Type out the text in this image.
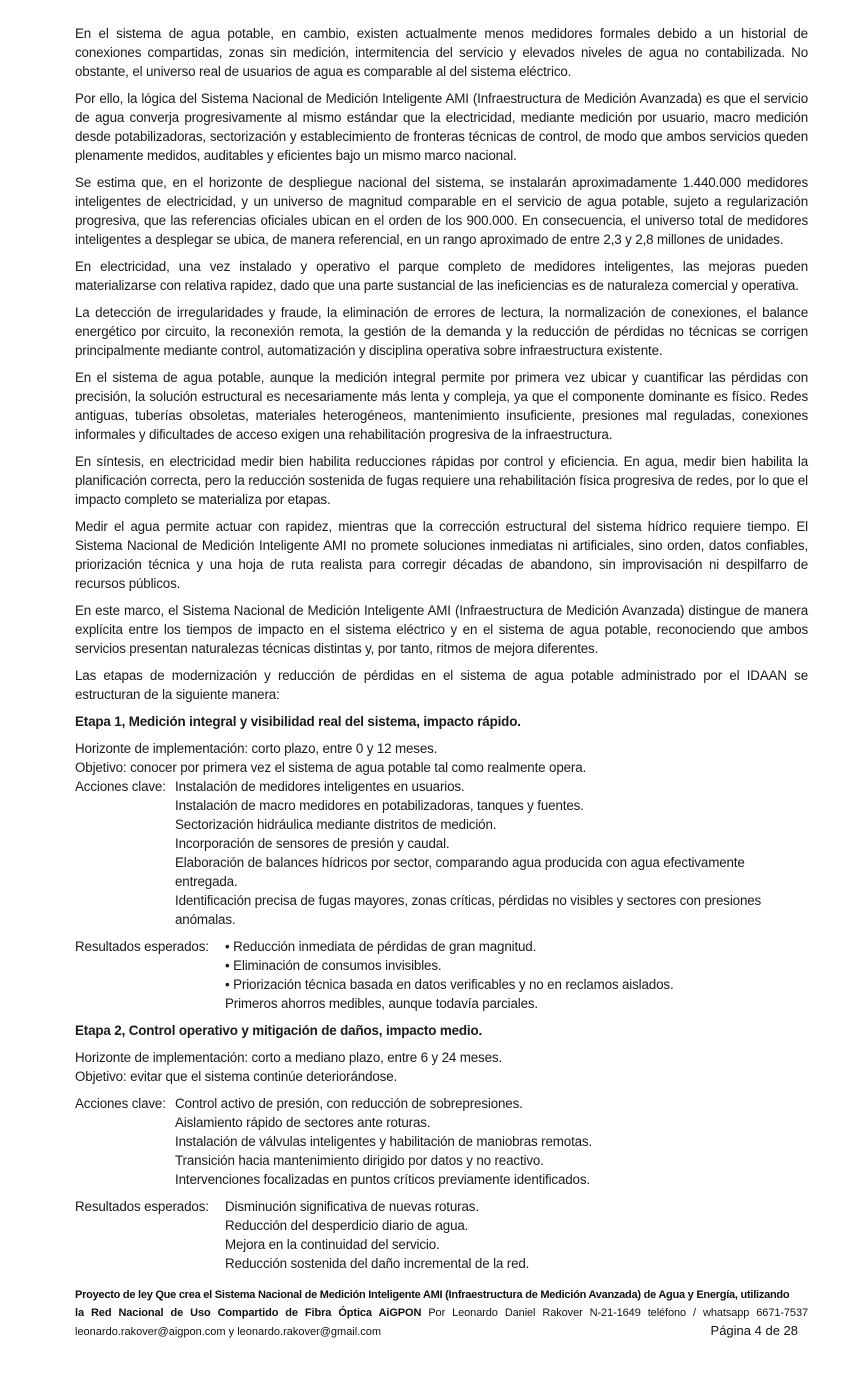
En el sistema de agua potable, en cambio, existen actualmente menos medidores formales debido a un historial de conexiones compartidas, zonas sin medición, intermitencia del servicio y elevados niveles de agua no contabilizada. No obstante, el universo real de usuarios de agua es comparable al del sistema eléctrico.

Por ello, la lógica del Sistema Nacional de Medición Inteligente AMI (Infraestructura de Medición Avanzada) es que el servicio de agua converja progresivamente al mismo estándar que la electricidad, mediante medición por usuario, macro medición desde potabilizadoras, sectorización y establecimiento de fronteras técnicas de control, de modo que ambos servicios queden plenamente medidos, auditables y eficientes bajo un mismo marco nacional.

Se estima que, en el horizonte de despliegue nacional del sistema, se instalarán aproximadamente 1.440.000 medidores inteligentes de electricidad, y un universo de magnitud comparable en el servicio de agua potable, sujeto a regularización progresiva, que las referencias oficiales ubican en el orden de los 900.000. En consecuencia, el universo total de medidores inteligentes a desplegar se ubica, de manera referencial, en un rango aproximado de entre 2,3 y 2,8 millones de unidades.

En electricidad, una vez instalado y operativo el parque completo de medidores inteligentes, las mejoras pueden materializarse con relativa rapidez, dado que una parte sustancial de las ineficiencias es de naturaleza comercial y operativa.

La detección de irregularidades y fraude, la eliminación de errores de lectura, la normalización de conexiones, el balance energético por circuito, la reconexión remota, la gestión de la demanda y la reducción de pérdidas no técnicas se corrigen principalmente mediante control, automatización y disciplina operativa sobre infraestructura existente.

En el sistema de agua potable, aunque la medición integral permite por primera vez ubicar y cuantificar las pérdidas con precisión, la solución estructural es necesariamente más lenta y compleja, ya que el componente dominante es físico. Redes antiguas, tuberías obsoletas, materiales heterogéneos, mantenimiento insuficiente, presiones mal reguladas, conexiones informales y dificultades de acceso exigen una rehabilitación progresiva de la infraestructura.

En síntesis, en electricidad medir bien habilita reducciones rápidas por control y eficiencia. En agua, medir bien habilita la planificación correcta, pero la reducción sostenida de fugas requiere una rehabilitación física progresiva de redes, por lo que el impacto completo se materializa por etapas.

Medir el agua permite actuar con rapidez, mientras que la corrección estructural del sistema hídrico requiere tiempo. El Sistema Nacional de Medición Inteligente AMI no promete soluciones inmediatas ni artificiales, sino orden, datos confiables, priorización técnica y una hoja de ruta realista para corregir décadas de abandono, sin improvisación ni despilfarro de recursos públicos.

En este marco, el Sistema Nacional de Medición Inteligente AMI (Infraestructura de Medición Avanzada) distingue de manera explícita entre los tiempos de impacto en el sistema eléctrico y en el sistema de agua potable, reconociendo que ambos servicios presentan naturalezas técnicas distintas y, por tanto, ritmos de mejora diferentes.

Las etapas de modernización y reducción de pérdidas en el sistema de agua potable administrado por el IDAAN se estructuran de la siguiente manera:

Etapa 1, Medición integral y visibilidad real del sistema, impacto rápido.

Horizonte de implementación: corto plazo, entre 0 y 12 meses.

Objetivo: conocer por primera vez el sistema de agua potable tal como realmente opera.

Acciones clave: Instalación de medidores inteligentes en usuarios.
Instalación de macro medidores en potabilizadoras, tanques y fuentes.
Sectorización hidráulica mediante distritos de medición.
Incorporación de sensores de presión y caudal.
Elaboración de balances hídricos por sector, comparando agua producida con agua efectivamente entregada.
Identificación precisa de fugas mayores, zonas críticas, pérdidas no visibles y sectores con presiones anómalas.
Resultados esperados:	• Reducción inmediata de pérdidas de gran magnitud.
• Eliminación de consumos invisibles.
• Priorización técnica basada en datos verificables y no en reclamos aislados.
Primeros ahorros medibles, aunque todavía parciales.

Etapa 2, Control operativo y mitigación de daños, impacto medio.

Horizonte de implementación: corto a mediano plazo, entre 6 y 24 meses.

Objetivo: evitar que el sistema continúe deteriorándose.

Acciones clave: Control activo de presión, con reducción de sobrepresiones.
Aislamiento rápido de sectores ante roturas.
Instalación de válvulas inteligentes y habilitación de maniobras remotas.
Transición hacia mantenimiento dirigido por datos y no reactivo.
Intervenciones focalizadas en puntos críticos previamente identificados.
Resultados esperados:	Disminución significativa de nuevas roturas.
Reducción del desperdicio diario de agua.
Mejora en la continuidad del servicio.
Reducción sostenida del daño incremental de la red.
Proyecto de ley Que crea el Sistema Nacional de Medición Inteligente AMI (Infraestructura de Medición Avanzada) de Agua y Energía, utilizando
la Red Nacional de Uso Compartido de Fibra Óptica AiGPON Por Leonardo Daniel Rakover N-21-1649 teléfono / whatsapp 6671-7537
leonardo.rakover@aigpon.com y leonardo.rakover@gmail.com	Página 4 de 28
